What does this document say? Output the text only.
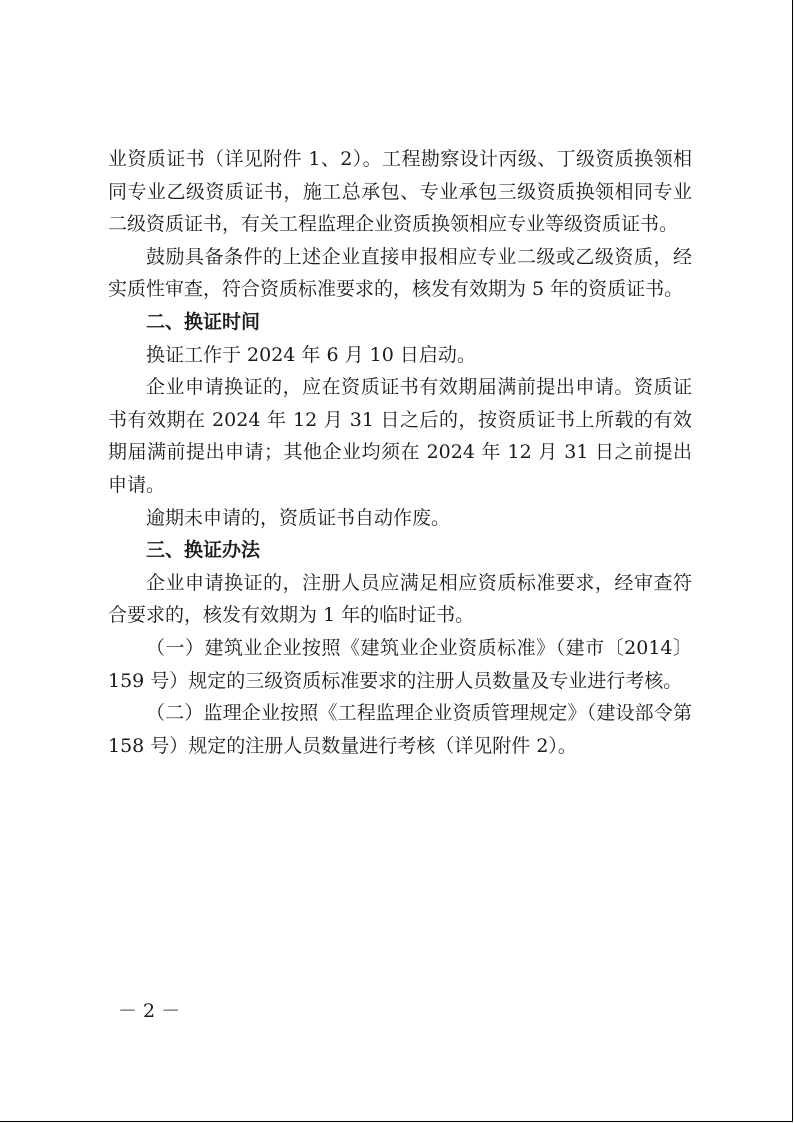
业资质证书（详见附件 1、2）。工程勘察设计丙级、丁级资质换领相同专业乙级资质证书，施工总承包、专业承包三级资质换领相同专业二级资质证书，有关工程监理企业资质换领相应专业等级资质证书。

鼓励具备条件的上述企业直接申报相应专业二级或乙级资质，经实质性审查，符合资质标准要求的，核发有效期为 5 年的资质证书。

二、换证时间

换证工作于 2024 年 6 月 10 日启动。

企业申请换证的，应在资质证书有效期届满前提出申请。资质证书有效期在 2024 年 12 月 31 日之后的，按资质证书上所载的有效期届满前提出申请；其他企业均须在 2024 年 12 月 31 日之前提出申请。

逾期未申请的，资质证书自动作废。

三、换证办法

企业申请换证的，注册人员应满足相应资质标准要求，经审查符合要求的，核发有效期为 1 年的临时证书。

（一）建筑业企业按照《建筑业企业资质标准》（建市〔2014〕159 号）规定的三级资质标准要求的注册人员数量及专业进行考核。

（二）监理企业按照《工程监理企业资质管理规定》（建设部令第 158 号）规定的注册人员数量进行考核（详见附件 2）。

－ 2 －
